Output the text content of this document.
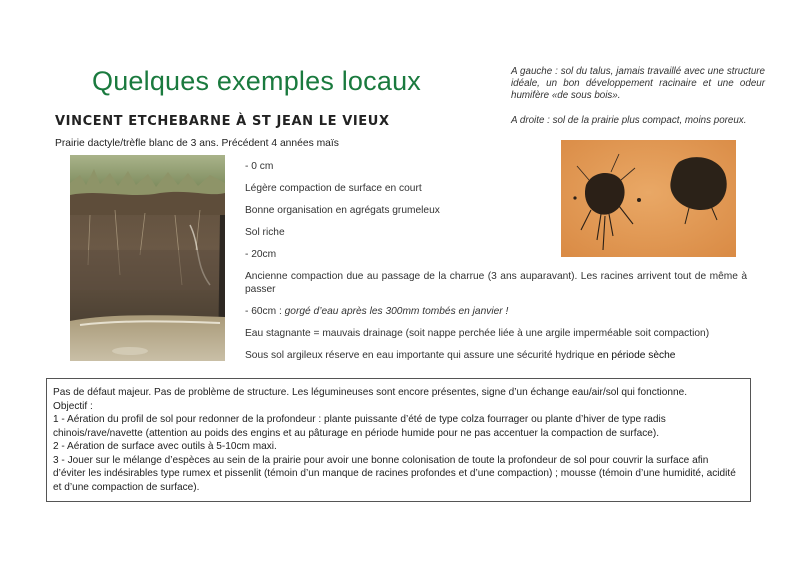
Quelques exemples locaux
VINCENT ETCHEBARNE À ST JEAN LE VIEUX
Prairie dactyle/trèfle blanc de 3 ans. Précédent 4 années maïs

A gauche : sol du talus, jamais travaillé avec une structure idéale, un bon développement racinaire et une odeur humifère «de sous bois».

A droite : sol de la prairie plus compact, moins poreux.

- 0 cm

Légère compaction de surface en court

Bonne organisation en agrégats grumeleux

Sol riche

- 20cm

Ancienne compaction due au passage de la charrue (3 ans auparavant). Les racines arrivent tout de même à passer

- 60cm : gorgé d’eau après les 300mm tombés en janvier !

Eau stagnante = mauvais drainage (soit nappe perchée liée à une argile imperméable soit compaction)

Sous sol argileux réserve en eau importante qui assure une sécurité hydrique en période sèche

Pas de défaut majeur. Pas de problème de structure. Les légumineuses sont encore présentes, signe d’un échange eau/air/sol qui fonctionne.

Objectif :

1 - Aération du profil de sol pour redonner de la profondeur : plante puissante d’été de type colza fourrager ou plante d’hiver de type radis chinois/rave/navette (attention au poids des engins et au pâturage en période humide pour ne pas accentuer la compaction de surface).

2 - Aération de surface avec outils à 5-10cm maxi.

3 - Jouer sur le mélange d’espèces au sein de la prairie pour avoir une bonne colonisation de toute la profondeur de sol pour couvrir la surface afin d’éviter les indésirables type rumex et pissenlit (témoin d’un manque de racines profondes et d’une compaction) ; mousse (témoin d’une humidité, acidité et d’une compaction de surface).
